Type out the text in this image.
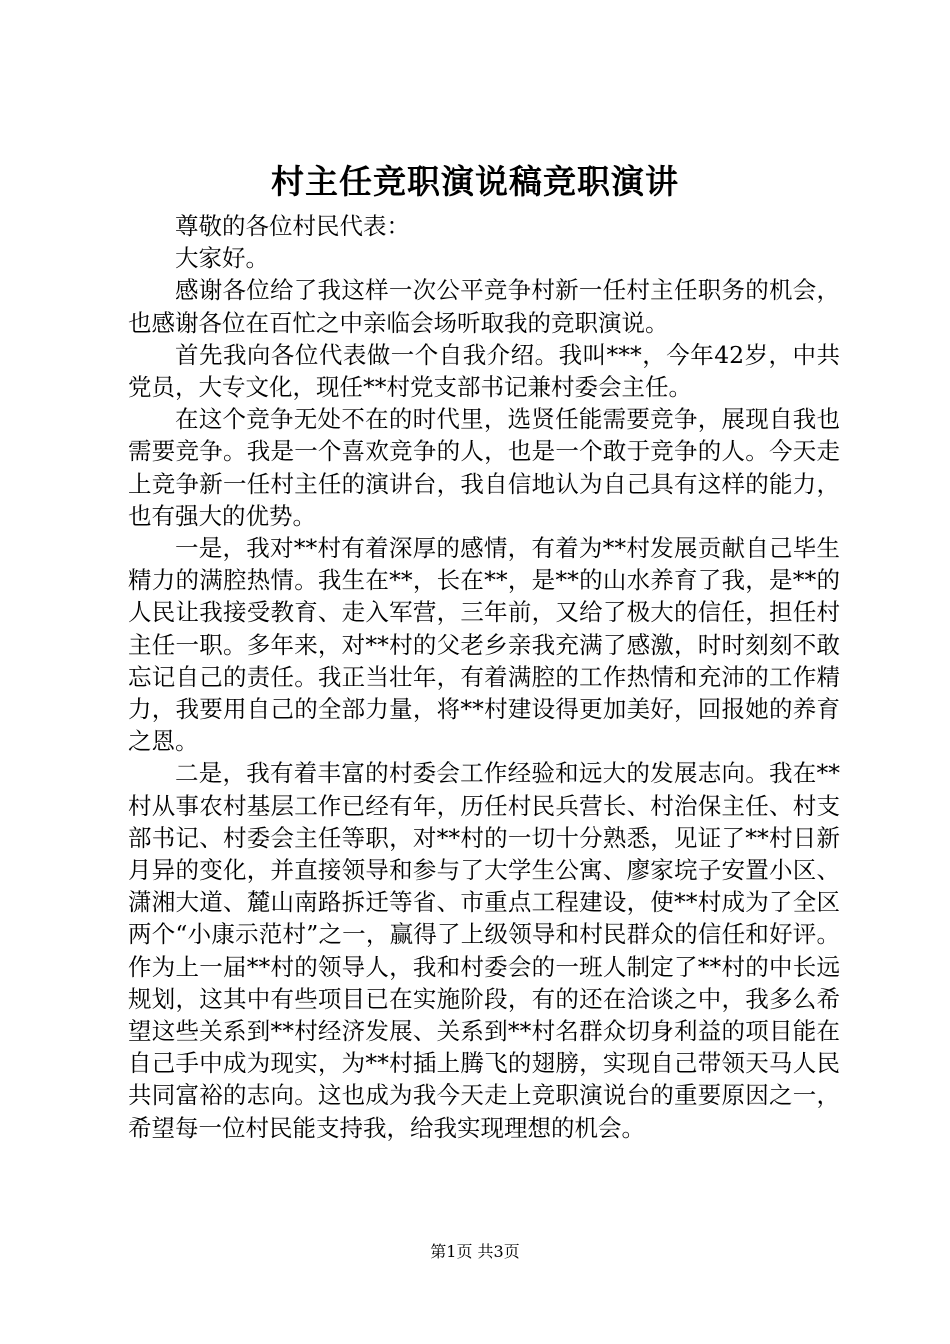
村主任竞职演说稿竞职演讲

尊敬的各位村民代表：

大家好。

感谢各位给了我这样一次公平竞争村新一任村主任职务的机会，也感谢各位在百忙之中亲临会场听取我的竞职演说。

首先我向各位代表做一个自我介绍。我叫***，今年42岁，中共党员，大专文化，现任**村党支部书记兼村委会主任。

在这个竞争无处不在的时代里，选贤任能需要竞争，展现自我也需要竞争。我是一个喜欢竞争的人，也是一个敢于竞争的人。今天走上竞争新一任村主任的演讲台，我自信地认为自己具有这样的能力，也有强大的优势。

一是，我对**村有着深厚的感情，有着为**村发展贡献自己毕生精力的满腔热情。我生在**，长在**，是**的山水养育了我，是**的人民让我接受教育、走入军营，三年前，又给了极大的信任，担任村主任一职。多年来，对**村的父老乡亲我充满了感激，时时刻刻不敢忘记自己的责任。我正当壮年，有着满腔的工作热情和充沛的工作精力，我要用自己的全部力量，将**村建设得更加美好，回报她的养育之恩。

二是，我有着丰富的村委会工作经验和远大的发展志向。我在**村从事农村基层工作已经有年，历任村民兵营长、村治保主任、村支部书记、村委会主任等职，对**村的一切十分熟悉，见证了**村日新月异的变化，并直接领导和参与了大学生公寓、廖家垸子安置小区、潇湘大道、麓山南路拆迁等省、市重点工程建设，使**村成为了全区两个“小康示范村”之一，赢得了上级领导和村民群众的信任和好评。作为上一届**村的领导人，我和村委会的一班人制定了**村的中长远规划，这其中有些项目已在实施阶段，有的还在洽谈之中，我多么希望这些关系到**村经济发展、关系到**村名群众切身利益的项目能在自己手中成为现实，为**村插上腾飞的翅膀，实现自己带领天马人民共同富裕的志向。这也成为我今天走上竞职演说台的重要原因之一，希望每一位村民能支持我，给我实现理想的机会。

第1页 共3页
